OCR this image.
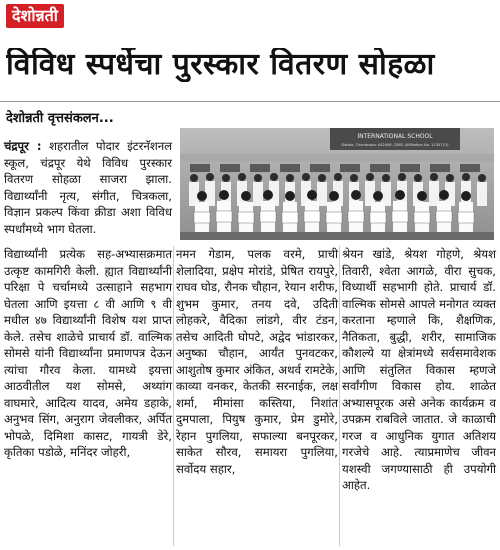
देशोन्नती
विविध स्पर्धेचा पुरस्कार वितरण सोहळा
देशोन्नती वृत्तसंकलन...
चंद्रपूर : शहरातील पोदार इंटरनॅशनल स्कूल, चंद्रपूर येथे विविध पुरस्कार वितरण सोहळा साजरा झाला. विद्यार्थ्यांनी नृत्य, संगीत, चित्रकला, विज्ञान प्रकल्प किंवा क्रीडा अशा विविध स्पर्धांमध्ये भाग घेतला.
INTERNATIONAL SCHOOL
Datala, Chandrapur-442406, CBSE (Affiliation No. 1130713)
विद्यार्थ्यांनी प्रत्येक सह-अभ्यासक्रमात उत्कृष्ट कामगिरी केली. ह्यात विद्यार्थ्यांनी परिक्षा पे चर्चामध्ये उत्साहाने सहभाग घेतला आणि इयत्ता ८ वी आणि ९ वी मधील ४७ विद्यार्थ्यांनी विशेष यश प्राप्त केले. तसेच शाळेचे प्राचार्य डॉ. वाल्मिक सोमसे यांनी विद्यार्थ्यांना प्रमाणपत्र देऊन त्यांचा गौरव केला. यामध्ये इयत्ता आठवीतील यश सोमसे, अथ्यांग वाघमारे, आदित्य यादव, अमेय डहाके, अनुभव सिंग, अनुराग जेवलीकर, अर्पित भोपळे, दिमिशा कासट, गायत्री डेरे, कृतिका पडोळे, मनिंदर जोहरी,
नमन गेडाम, पलक वरमे, प्राची शेलादिया, प्रक्षेप मोरांडे, प्रेषित रायपुरे, राघव घोड, रौनक चौहान, रेयान शरीफ, शुभम कुमार, तनय दवे, उदिती लोहकरे, वैदिका लांडगे, वीर टंडन, तसेच आदिती घोपटे, अद्वेद भांडारकर, अनुष्का चौहान, आर्यंत पुनवटकर, आशुतोष कुमार अंकित, अथर्व रामटेके, काव्या वनकर, केतकी सरनाईक, लक्ष शर्मा, मीमांसा कस्तिया, निशांत दुमपाला, पियुष कुमार, प्रेम डुमोरे, रेहान पुगलिया, सफाल्या बनपूरकर, साकेत सौरव, समायरा पुगलिया, सर्वोदय सहार,
श्रेयन खांडे, श्रेयश गोहणे, श्रेयश तिवारी, श्वेता आगळे, वीरा सुचक, विध्यार्थी सहभागी होते. प्राचार्य डॉ. वाल्मिक सोमसे आपले मनोगत व्यक्त करताना म्हणाले कि, शैक्षणिक, नैतिकता, बुद्धी, शरीर, सामाजिक कौशल्ये या क्षेत्रांमध्ये सर्वसमावेशक आणि संतुलित विकास म्हणजे सर्वांगीण विकास होय. शाळेत अभ्यासपूरक असे अनेक कार्यक्रम व उपक्रम राबविले जातात. जे काळाची गरज व आधुनिक युगात अतिशय गरजेचे आहे. त्याप्रमाणेच जीवन यशस्वी जगण्यासाठी ही उपयोगी आहेत.
